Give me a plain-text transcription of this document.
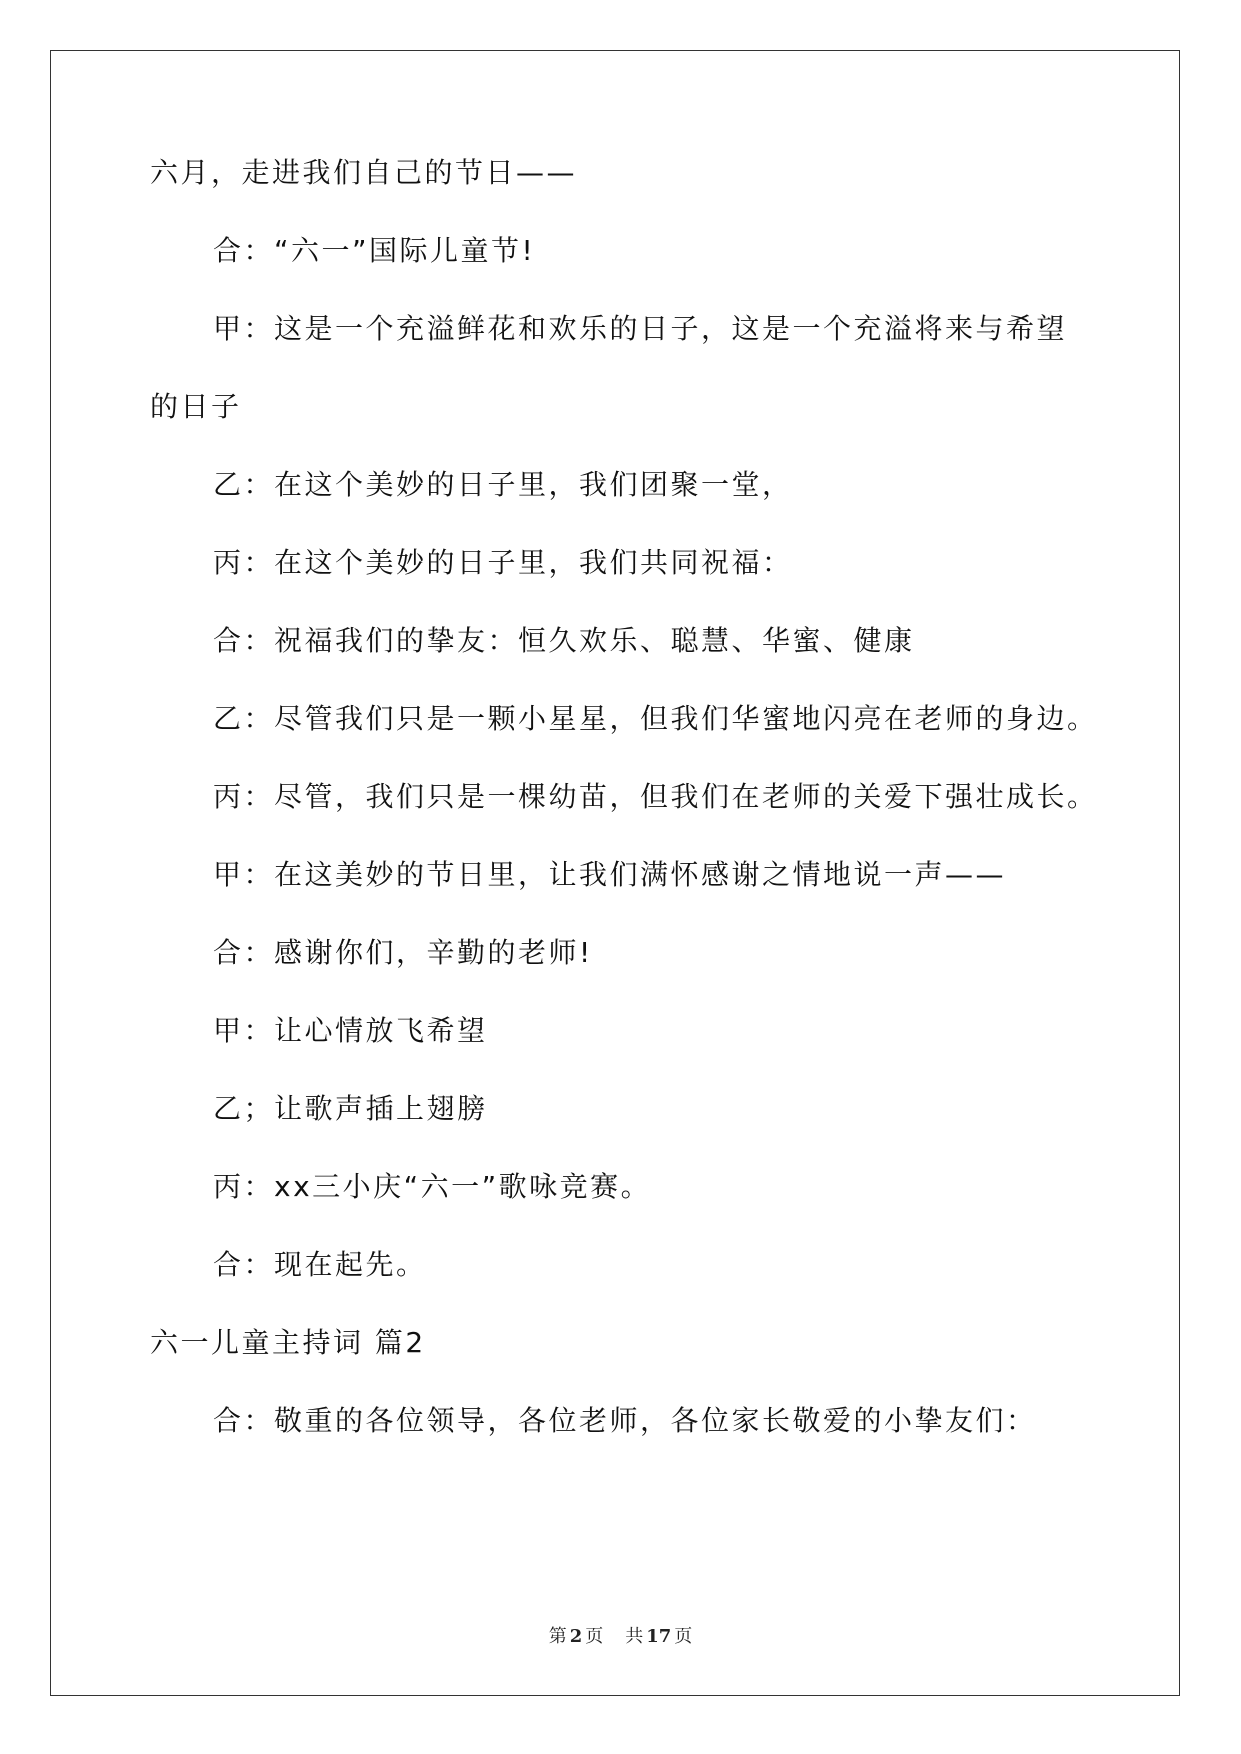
六月，走进我们自己的节日——
合：“六一”国际儿童节!
甲：这是一个充溢鲜花和欢乐的日子，这是一个充溢将来与希望
的日子
乙：在这个美妙的日子里，我们团聚一堂，
丙：在这个美妙的日子里，我们共同祝福：
合：祝福我们的挚友：恒久欢乐、聪慧、华蜜、健康
乙：尽管我们只是一颗小星星，但我们华蜜地闪亮在老师的身边。
丙：尽管，我们只是一棵幼苗，但我们在老师的关爱下强壮成长。
甲：在这美妙的节日里，让我们满怀感谢之情地说一声——
合：感谢你们，辛勤的老师!
甲：让心情放飞希望
乙；让歌声插上翅膀
丙：xx三小庆“六一”歌咏竞赛。
合：现在起先。
六一儿童主持词 篇2
合：敬重的各位领导，各位老师，各位家长敬爱的小挚友们：
第 2 页 共 17 页
